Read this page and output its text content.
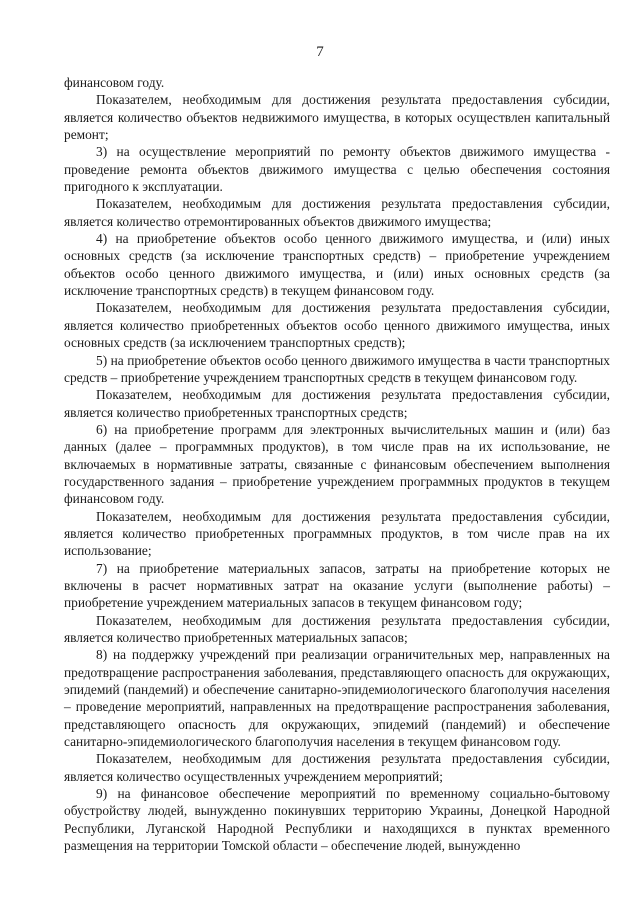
7

финансовом году.

Показателем, необходимым для достижения результата предоставления субсидии, является количество объектов недвижимого имущества, в которых осуществлен капитальный ремонт;

3) на осуществление мероприятий по ремонту объектов движимого имущества - проведение ремонта объектов движимого имущества с целью обеспечения состояния пригодного к эксплуатации.

Показателем, необходимым для достижения результата предоставления субсидии, является количество отремонтированных объектов движимого имущества;

4) на приобретение объектов особо ценного движимого имущества, и (или) иных основных средств (за исключение транспортных средств) – приобретение учреждением объектов особо ценного движимого имущества, и (или) иных основных средств (за исключение транспортных средств) в текущем финансовом году.

Показателем, необходимым для достижения результата предоставления субсидии, является количество приобретенных объектов особо ценного движимого имущества, иных основных средств (за исключением транспортных средств);

5) на приобретение объектов особо ценного движимого имущества в части транспортных средств – приобретение учреждением транспортных средств в текущем финансовом году.

Показателем, необходимым для достижения результата предоставления субсидии, является количество приобретенных транспортных средств;

6) на приобретение программ для электронных вычислительных машин и (или) баз данных (далее – программных продуктов), в том числе прав на их использование, не включаемых в нормативные затраты, связанные с финансовым обеспечением выполнения государственного задания – приобретение учреждением программных продуктов в текущем финансовом году.

Показателем, необходимым для достижения результата предоставления субсидии, является количество приобретенных программных продуктов, в том числе прав на их использование;

7) на приобретение материальных запасов, затраты на приобретение которых не включены в расчет нормативных затрат на оказание услуги (выполнение работы) – приобретение учреждением материальных запасов в текущем финансовом году;

Показателем, необходимым для достижения результата предоставления субсидии, является количество приобретенных материальных запасов;

8) на поддержку учреждений при реализации ограничительных мер, направленных на предотвращение распространения заболевания, представляющего опасность для окружающих, эпидемий (пандемий) и обеспечение санитарно-эпидемиологического благополучия населения – проведение мероприятий, направленных на предотвращение распространения заболевания, представляющего опасность для окружающих, эпидемий (пандемий) и обеспечение санитарно-эпидемиологического благополучия населения в текущем финансовом году.

Показателем, необходимым для достижения результата предоставления субсидии, является количество осуществленных учреждением мероприятий;

9) на финансовое обеспечение мероприятий по временному социально-бытовому обустройству людей, вынужденно покинувших территорию Украины, Донецкой Народной Республики, Луганской Народной Республики и находящихся в пунктах временного размещения на территории Томской области – обеспечение людей, вынужденно
